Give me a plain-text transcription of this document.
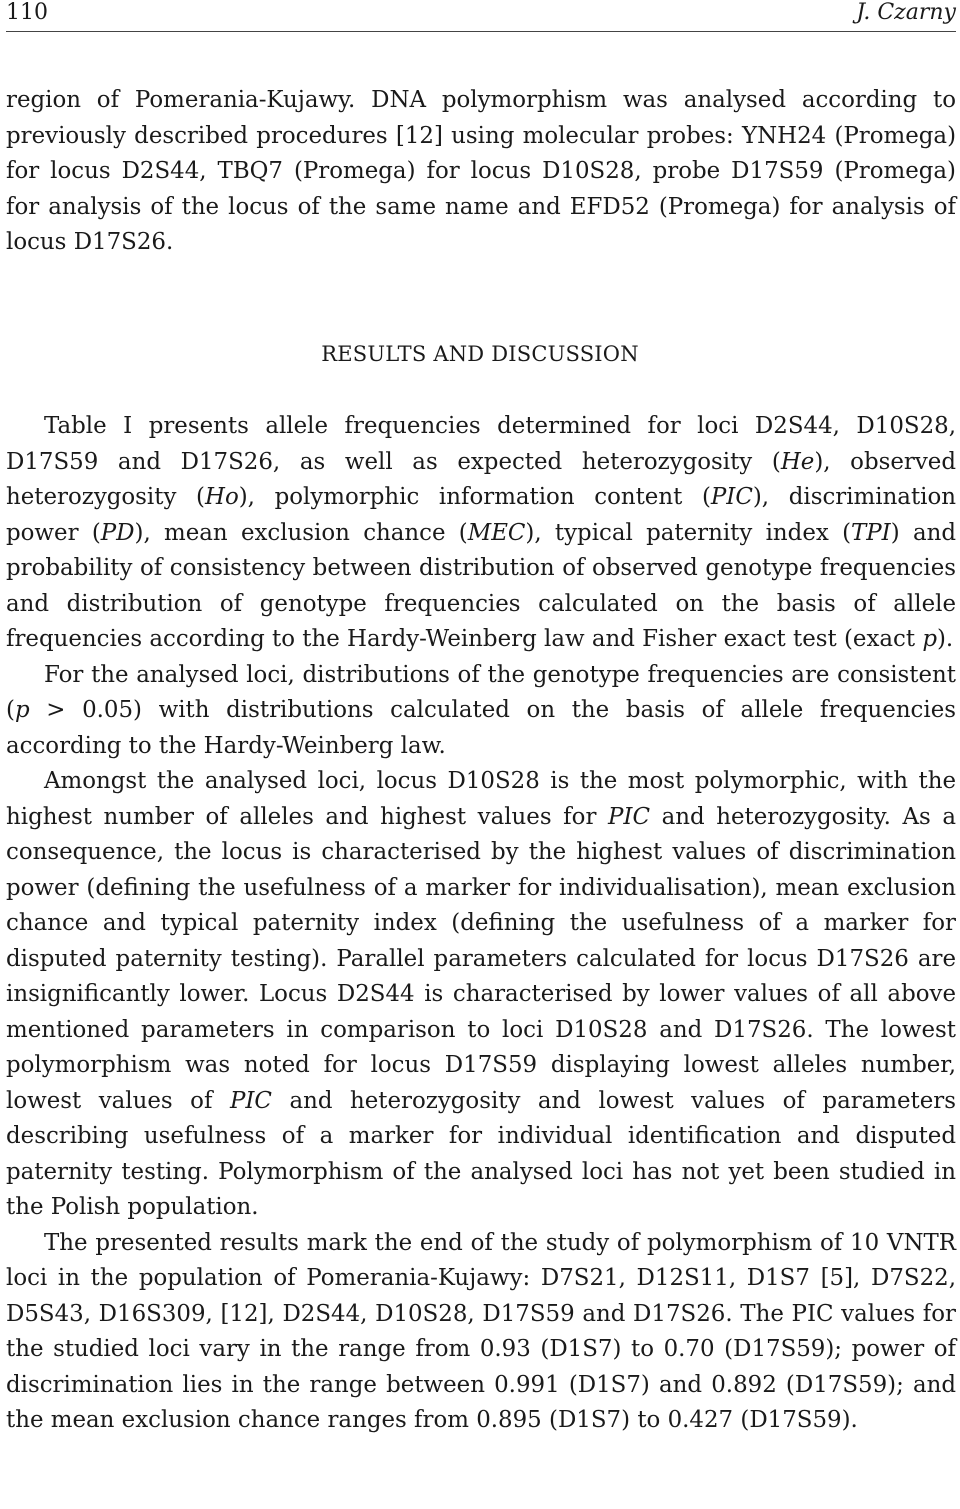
110	J. Czarny

region of Pomerania-Kujawy. DNA polymorphism was analysed according to previously described procedures [12] using molecular probes: YNH24 (Promega) for locus D2S44, TBQ7 (Promega) for locus D10S28, probe D17S59 (Promega) for analysis of the locus of the same name and EFD52 (Promega) for analysis of locus D17S26.

RESULTS AND DISCUSSION

Table I presents allele frequencies determined for loci D2S44, D10S28, D17S59 and D17S26, as well as expected heterozygosity (He), observed heterozygosity (Ho), polymorphic information content (PIC), discrimination power (PD), mean exclusion chance (MEC), typical paternity index (TPI) and probability of consistency between distribution of observed genotype frequencies and distribution of genotype frequencies calculated on the basis of allele frequencies according to the Hardy-Weinberg law and Fisher exact test (exact p).

For the analysed loci, distributions of the genotype frequencies are consistent (p > 0.05) with distributions calculated on the basis of allele frequencies according to the Hardy-Weinberg law.

Amongst the analysed loci, locus D10S28 is the most polymorphic, with the highest number of alleles and highest values for PIC and heterozygosity. As a consequence, the locus is characterised by the highest values of discrimination power (defining the usefulness of a marker for individualisation), mean exclusion chance and typical paternity index (defining the usefulness of a marker for disputed paternity testing). Parallel parameters calculated for locus D17S26 are insignificantly lower. Locus D2S44 is characterised by lower values of all above mentioned parameters in comparison to loci D10S28 and D17S26. The lowest polymorphism was noted for locus D17S59 displaying lowest alleles number, lowest values of PIC and heterozygosity and lowest values of parameters describing usefulness of a marker for individual identification and disputed paternity testing. Polymorphism of the analysed loci has not yet been studied in the Polish population.

The presented results mark the end of the study of polymorphism of 10 VNTR loci in the population of Pomerania-Kujawy: D7S21, D12S11, D1S7 [5], D7S22, D5S43, D16S309, [12], D2S44, D10S28, D17S59 and D17S26. The PIC values for the studied loci vary in the range from 0.93 (D1S7) to 0.70 (D17S59); power of discrimination lies in the range between 0.991 (D1S7) and 0.892 (D17S59); and the mean exclusion chance ranges from 0.895 (D1S7) to 0.427 (D17S59).
